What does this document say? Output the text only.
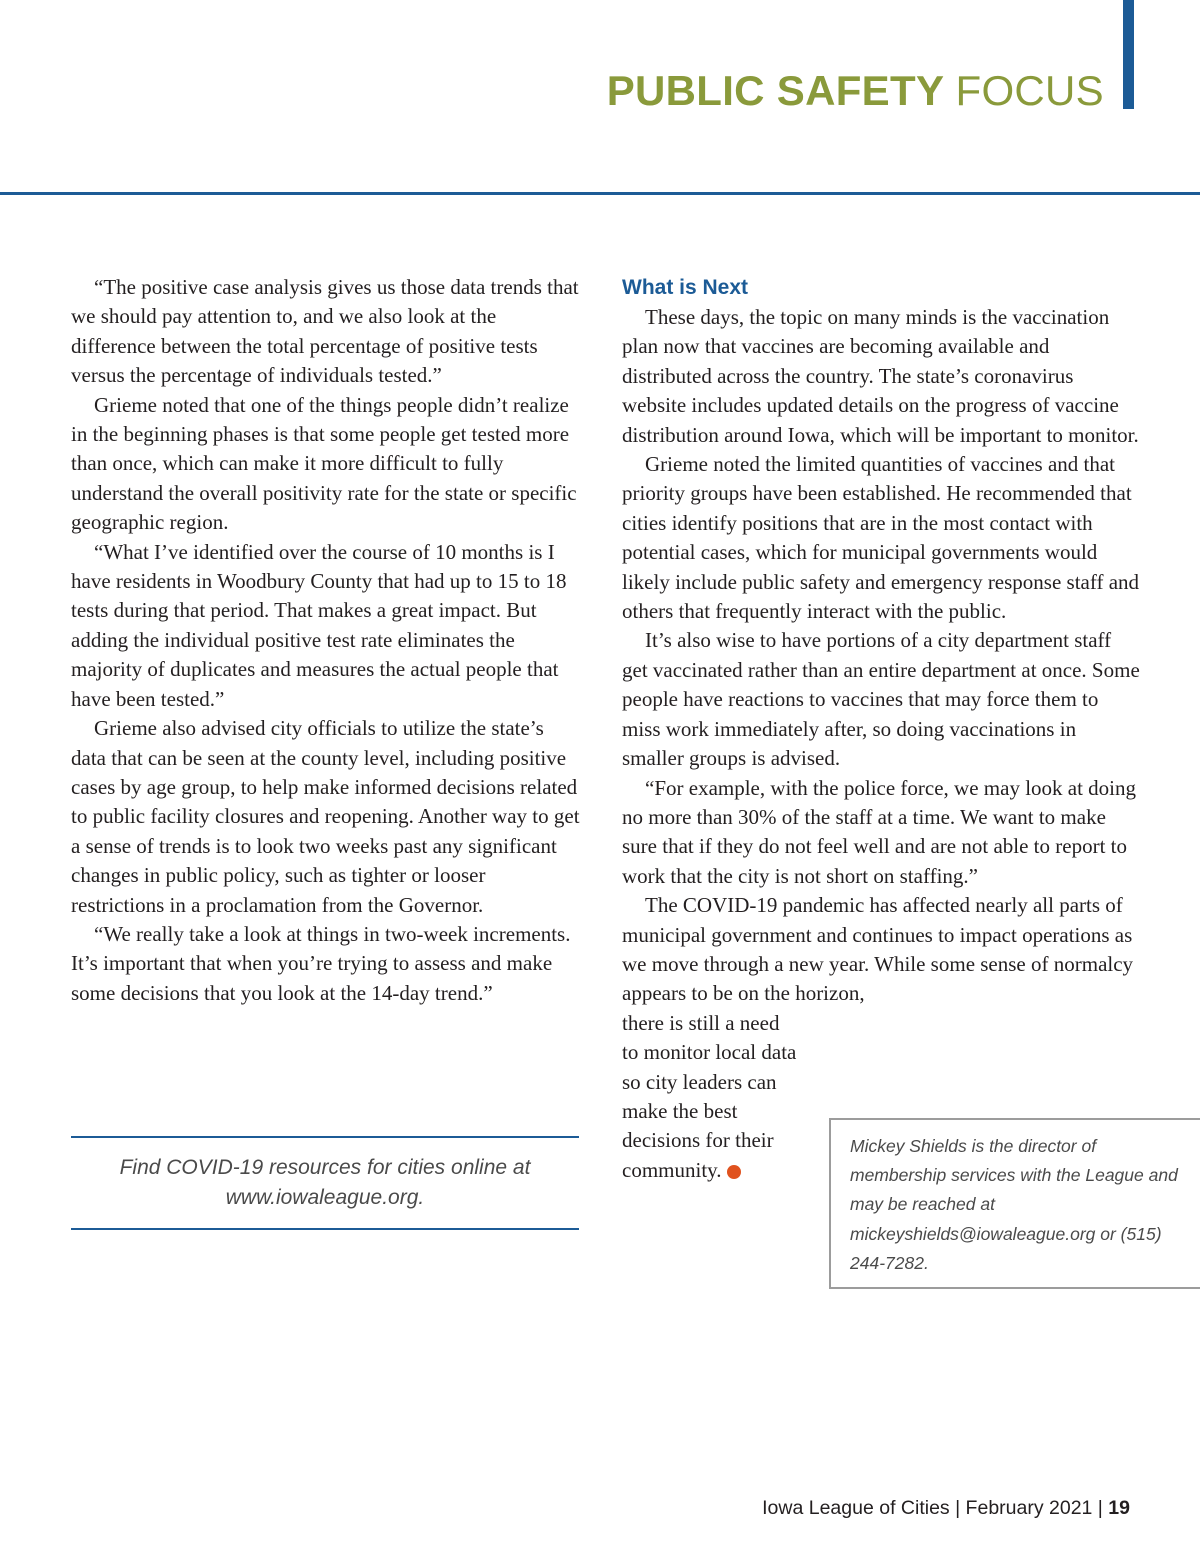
PUBLIC SAFETY FOCUS

“The positive case analysis gives us those data trends that we should pay attention to, and we also look at the difference between the total percentage of positive tests versus the percentage of individuals tested.”

Grieme noted that one of the things people didn’t realize in the beginning phases is that some people get tested more than once, which can make it more difficult to fully understand the overall positivity rate for the state or specific geographic region.

“What I’ve identified over the course of 10 months is I have residents in Woodbury County that had up to 15 to 18 tests during that period. That makes a great impact. But adding the individual positive test rate eliminates the majority of duplicates and measures the actual people that have been tested.”

Grieme also advised city officials to utilize the state’s data that can be seen at the county level, including positive cases by age group, to help make informed decisions related to public facility closures and reopening. Another way to get a sense of trends is to look two weeks past any significant changes in public policy, such as tighter or looser restrictions in a proclamation from the Governor.

“We really take a look at things in two-week increments. It’s important that when you’re trying to assess and make some decisions that you look at the 14-day trend.”

Find COVID-19 resources for cities online at www.iowaleague.org.
What is Next

These days, the topic on many minds is the vaccination plan now that vaccines are becoming available and distributed across the country. The state’s coronavirus website includes updated details on the progress of vaccine distribution around Iowa, which will be important to monitor.

Grieme noted the limited quantities of vaccines and that priority groups have been established. He recommended that cities identify positions that are in the most contact with potential cases, which for municipal governments would likely include public safety and emergency response staff and others that frequently interact with the public.

It’s also wise to have portions of a city department staff get vaccinated rather than an entire department at once. Some people have reactions to vaccines that may force them to miss work immediately after, so doing vaccinations in smaller groups is advised.

“For example, with the police force, we may look at doing no more than 30% of the staff at a time. We want to make sure that if they do not feel well and are not able to report to work that the city is not short on staffing.”

The COVID-19 pandemic has affected nearly all parts of municipal government and continues to impact operations as we move through a new year. While some sense of normalcy appears to be on the horizon,

there is still a need to monitor local data so city leaders can make the best decisions for their community.
Mickey Shields is the director of membership services with the League and may be reached at mickeyshields@iowaleague.org or (515) 244-7282.
Iowa League of Cities | February 2021 | 19
